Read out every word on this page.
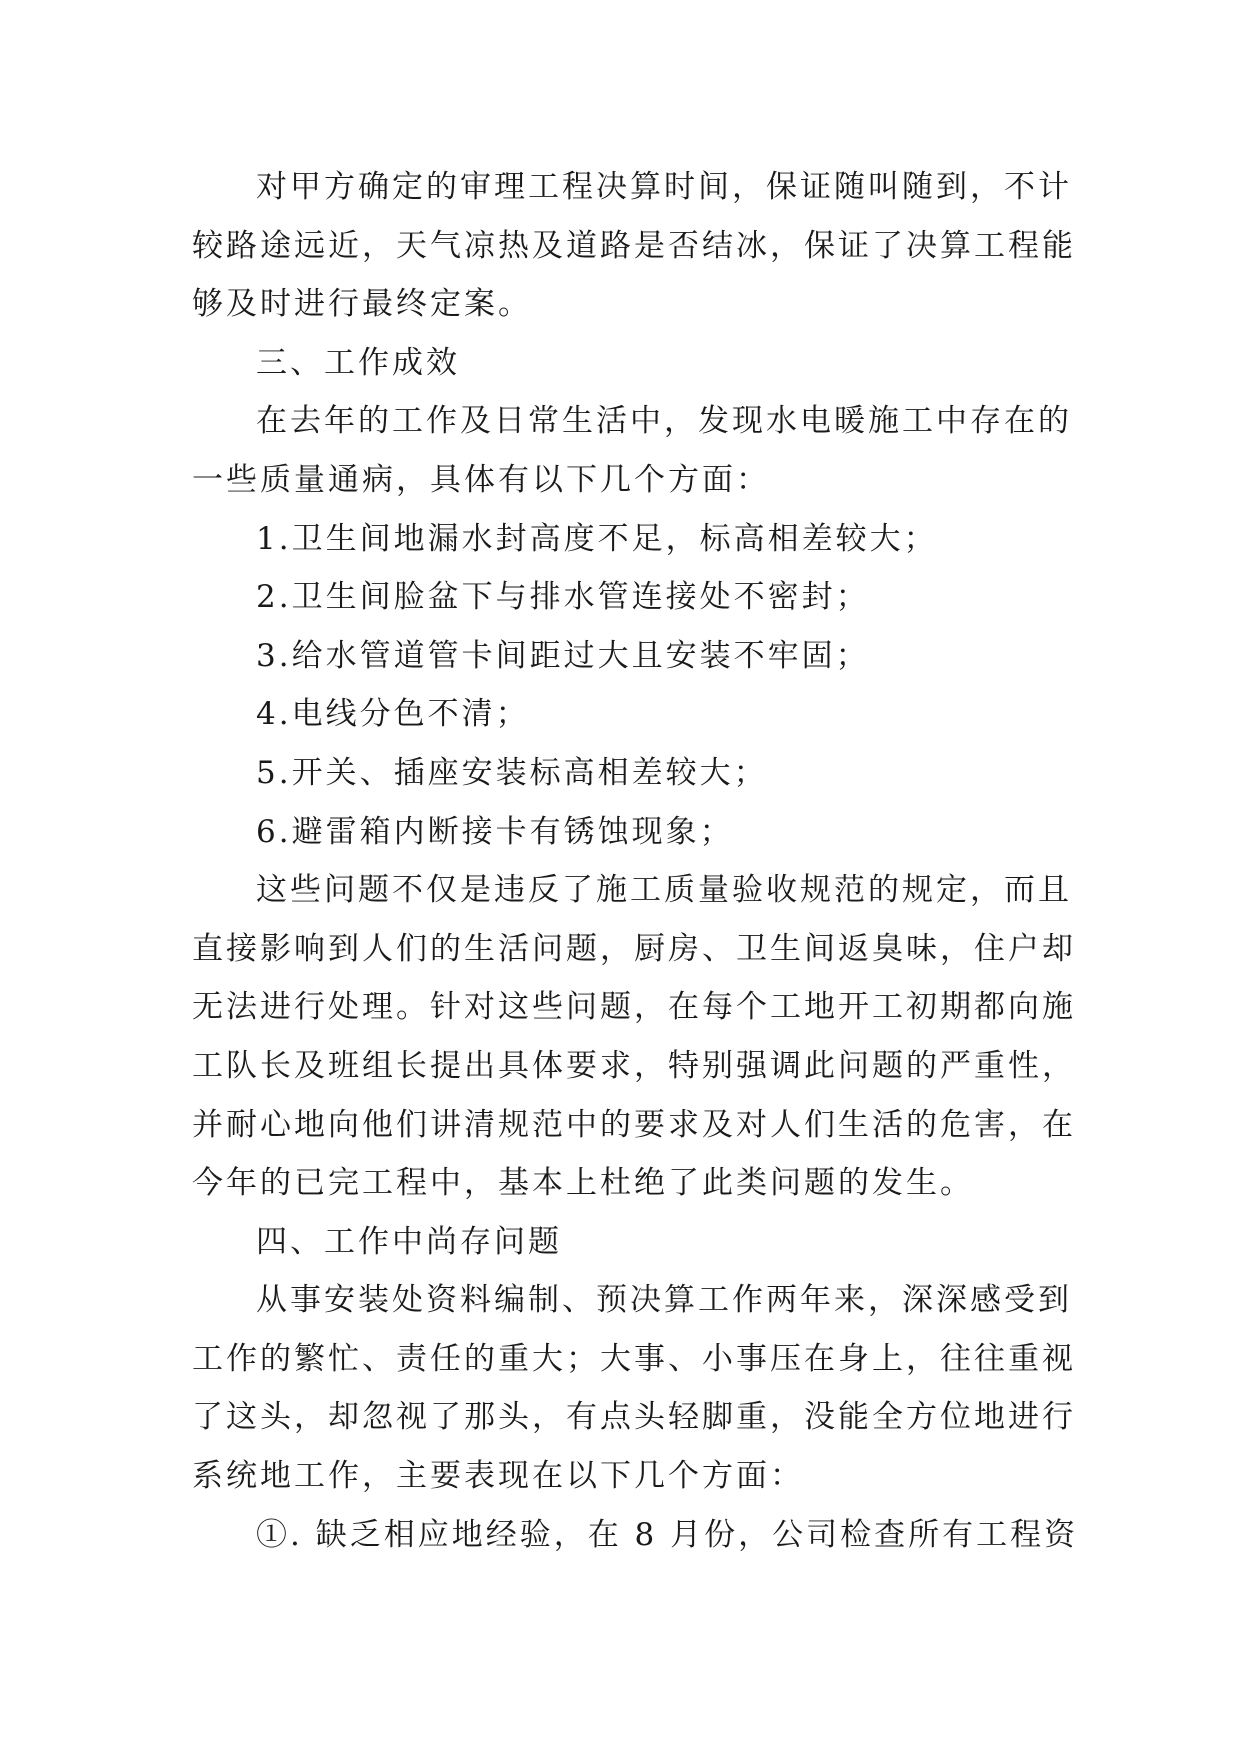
对甲方确定的审理工程决算时间，保证随叫随到，不计
较路途远近，天气凉热及道路是否结冰，保证了决算工程能
够及时进行最终定案。
三、工作成效
在去年的工作及日常生活中，发现水电暖施工中存在的
一些质量通病，具体有以下几个方面：
1.卫生间地漏水封高度不足，标高相差较大；
2.卫生间脸盆下与排水管连接处不密封；
3.给水管道管卡间距过大且安装不牢固；
4.电线分色不清；
5.开关、插座安装标高相差较大；
6.避雷箱内断接卡有锈蚀现象；
这些问题不仅是违反了施工质量验收规范的规定，而且
直接影响到人们的生活问题，厨房、卫生间返臭味，住户却
无法进行处理。针对这些问题，在每个工地开工初期都向施
工队长及班组长提出具体要求，特别强调此问题的严重性，
并耐心地向他们讲清规范中的要求及对人们生活的危害，在
今年的已完工程中，基本上杜绝了此类问题的发生。
四、工作中尚存问题
从事安装处资料编制、预决算工作两年来，深深感受到
工作的繁忙、责任的重大；大事、小事压在身上，往往重视
了这头，却忽视了那头，有点头轻脚重，没能全方位地进行
系统地工作，主要表现在以下几个方面：
①. 缺乏相应地经验，在 8 月份，公司检查所有工程资
